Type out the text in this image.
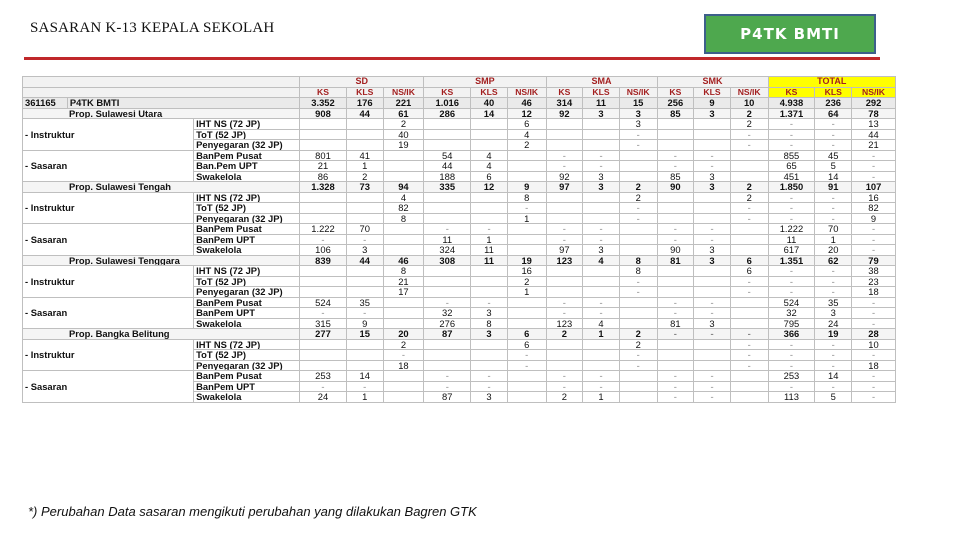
SASARAN K-13 KEPALA SEKOLAH	P4TK BMTI
			SD			SMP			SMA			SMK			TOTAL		
			KS	KLS	NS/IK	KS	KLS	NS/IK	KS	KLS	NS/IK	KS	KLS	NS/IK	KS	KLS	NS/IK
361165	P4TK BMTI		3.352	176	221	1.016	40	46	314	11	15	256	9	10	4.938	236	292
Prop. Sulawesi Utara			908	44	61	286	14	12	92	3	3	85	3	2	1.371	64	78
- Instruktur		IHT NS (72 JP)			2			6			3			2	-	-	13
		ToT (52 JP)			40			4			-			-	-	-	44
		Penyegaran (32 JP)			19			2			-			-	-	-	21
- Sasaran		BanPem Pusat	801	41		54	4		-	-		-	-		855	45	-
		Ban.Pem UPT	21	1		44	4		-	-		-	-		65	5	-
		Swakelola	86	2		188	6		92	3		85	3		451	14	-
Prop. Sulawesi Tengah			1.328	73	94	335	12	9	97	3	2	90	3	2	1.850	91	107
- Instruktur		IHT NS (72 JP)			4			8			2			2	-	-	16
		ToT (52 JP)			82			-			-			-	-	-	82
		Penyegaran (32 JP)			8			1			-			-	-	-	9
- Sasaran		BanPem Pusat	1.222	70		-	-		-	-		-	-		1.222	70	-
		BanPem UPT	-	-		11	1		-	-		-	-		11	1	-
		Swakelola	106	3		324	11		97	3		90	3		617	20	-
Prop. Sulawesi Tenggara			839	44	46	308	11	19	123	4	8	81	3	6	1.351	62	79
- Instruktur		IHT NS (72 JP)			8			16			8			6	-	-	38
		ToT (52 JP)			21			2			-			-	-	-	23
		Penyegaran (32 JP)			17			1			-			-	-	-	18
- Sasaran		BanPem Pusat	524	35		-	-		-	-		-	-		524	35	-
		BanPem UPT	-	-		32	3		-	-		-	-		32	3	-
		Swakelola	315	9		276	8		123	4		81	3		795	24	-
Prop. Bangka Belitung			277	15	20	87	3	6	2	1	2	-	-	-	366	19	28
- Instruktur		IHT NS (72 JP)			2			6			2			-	-	-	10
		ToT (52 JP)			-			-			-			-	-	-	-
		Penyegaran (32 JP)			18			-			-			-	-	-	18
- Sasaran		BanPem Pusat	253	14		-	-		-	-		-	-		253	14	-
		BanPem UPT	-	-		-	-		-	-		-	-		-	-	-
		Swakelola	24	1		87	3		2	1		-	-		113	5	-
*) Perubahan Data sasaran mengikuti perubahan yang dilakukan Bagren GTK
